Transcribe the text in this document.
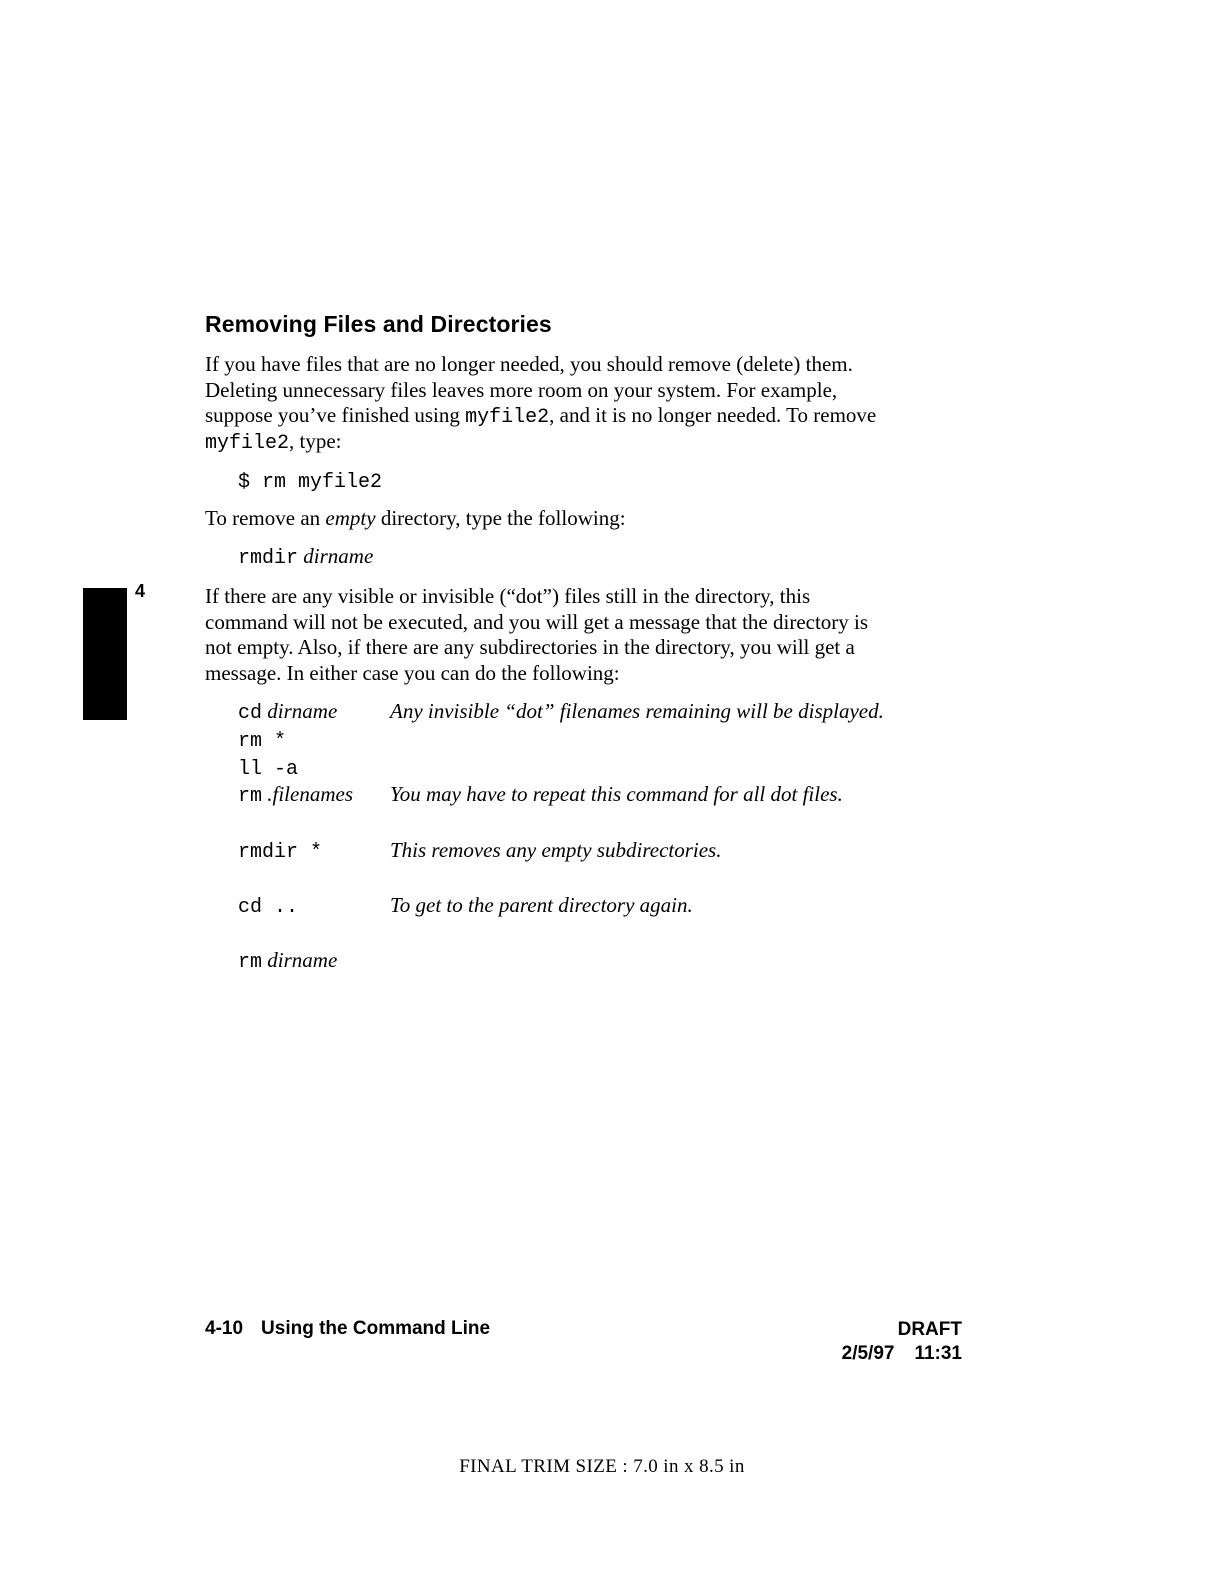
Removing Files and Directories
If you have files that are no longer needed, you should remove (delete) them.
Deleting unnecessary files leaves more room on your system. For example,
suppose you’ve finished using myfile2, and it is no longer needed. To remove
myfile2, type:
$ rm myfile2
To remove an empty directory, type the following:
rmdir dirname
4	If there are any visible or invisible (“dot”) files still in the directory, this
command will not be executed, and you will get a message that the directory is
not empty. Also, if there are any subdirectories in the directory, you will get a
message. In either case you can do the following:
cd dirname	Any invisible “dot” filenames remaining will be displayed.
rm *
ll -a
rm .filenames You may have to repeat this command for all dot files.
rmdir *	This removes any empty subdirectories.
cd ..	To get to the parent directory again.
rm dirname
4-10 Using the Command Line	DRAFT
2/5/97 11:31
FINAL TRIM SIZE : 7.0 in x 8.5 in
